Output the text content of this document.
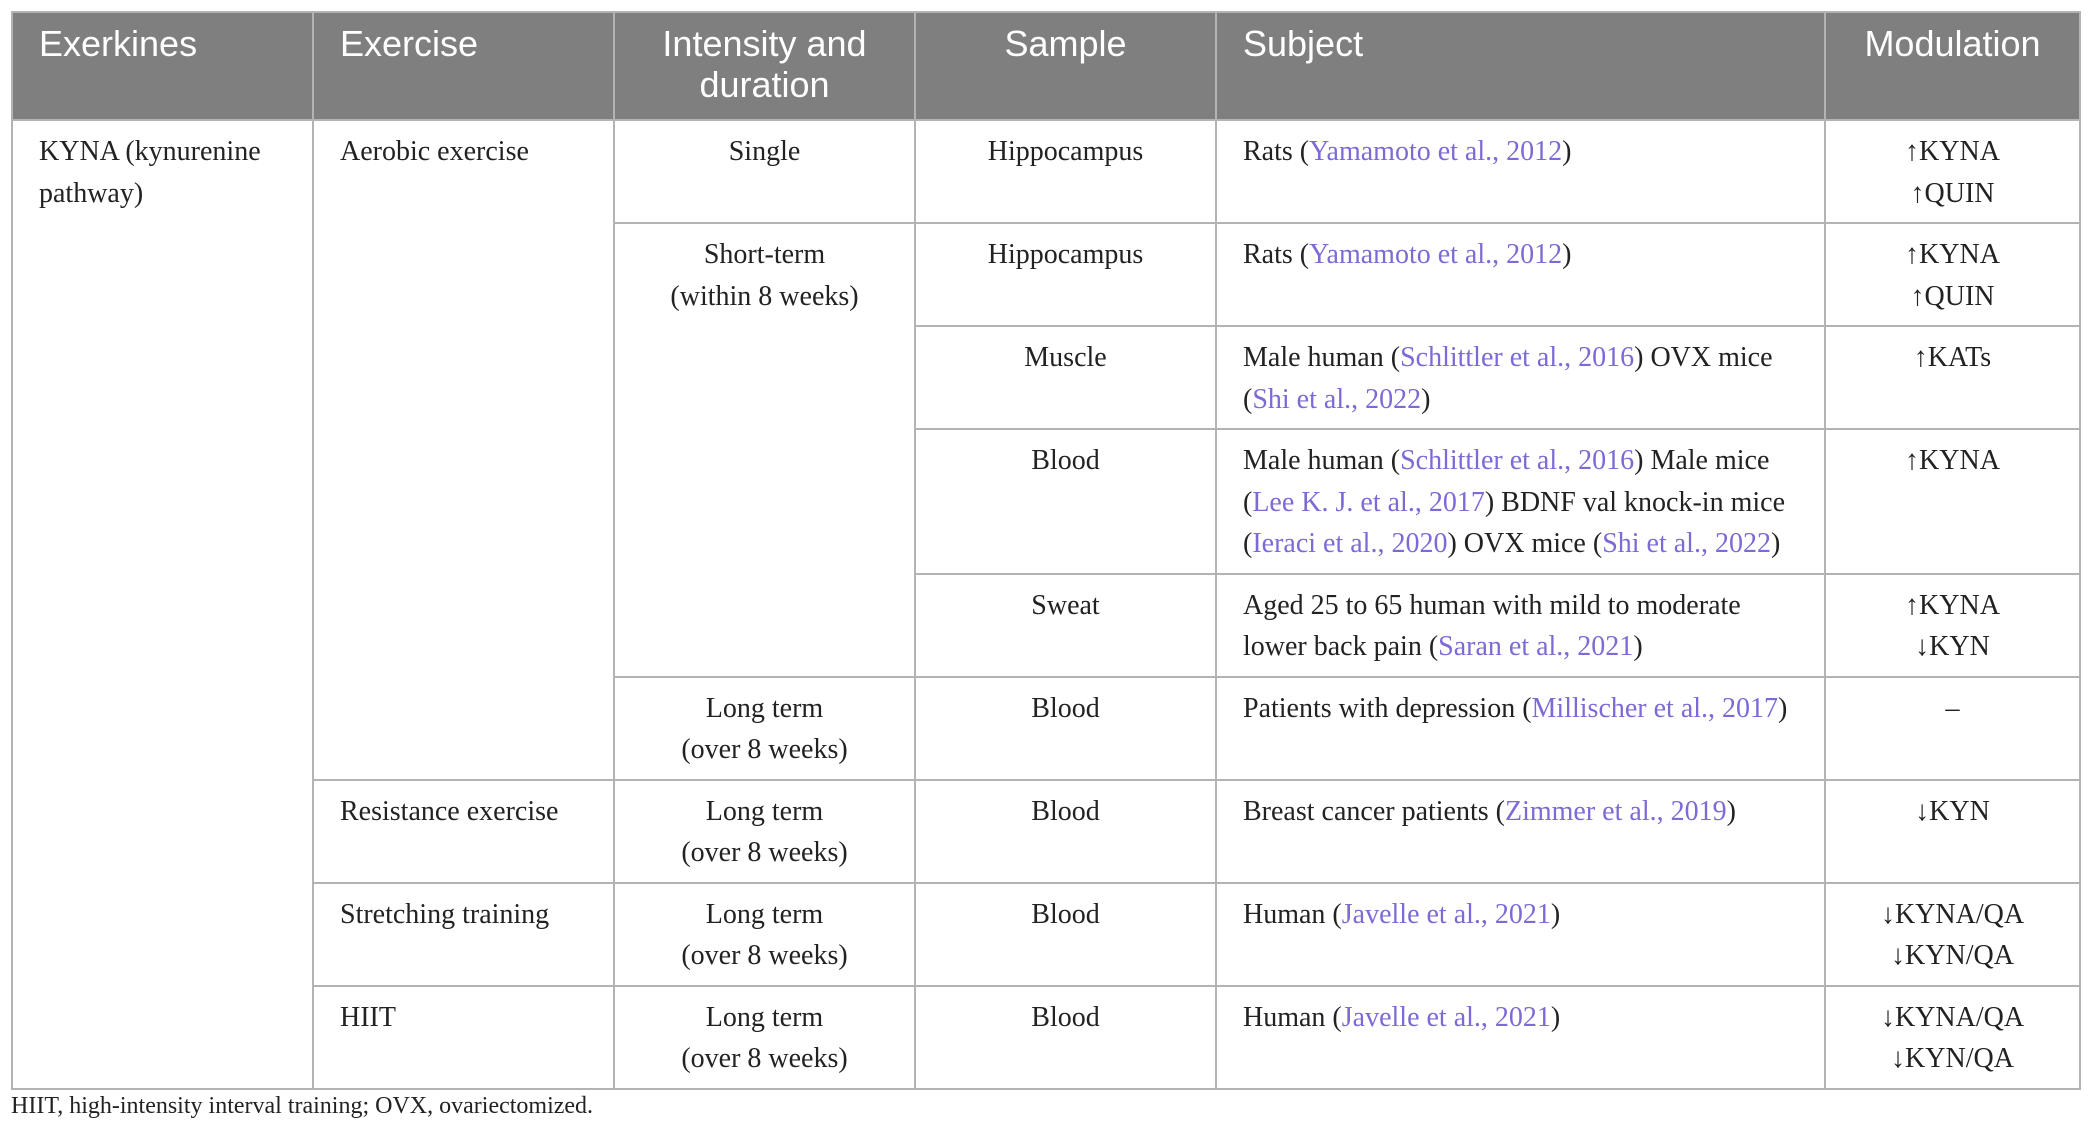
Exerkines	Exercise	Intensity and duration	Sample	Subject	Modulation
KYNA (kynurenine pathway)	Aerobic exercise	Single	Hippocampus	Rats (Yamamoto et al., 2012)	↑KYNA
↑QUIN

		Short-term
(within 8 weeks)	Hippocampus	Rats (Yamamoto et al., 2012)	↑KYNA
↑QUIN

			Muscle	Male human (Schlittler et al., 2016) OVX mice (Shi et al., 2022)	↑KATs

			Blood	Male human (Schlittler et al., 2016) Male mice (Lee K. J. et al., 2017) BDNF val knock-in mice (Ieraci et al., 2020) OVX mice (Shi et al., 2022)	↑KYNA

			Sweat	Aged 25 to 65 human with mild to moderate lower back pain (Saran et al., 2021)	↑KYNA
↓KYN

		Long term
(over 8 weeks)	Blood	Patients with depression (Millischer et al., 2017)	–

	Resistance exercise	Long term
(over 8 weeks)	Blood	Breast cancer patients (Zimmer et al., 2019)	↓KYN

	Stretching training	Long term
(over 8 weeks)	Blood	Human (Javelle et al., 2021)	↓KYNA/QA
↓KYN/QA

	HIIT	Long term
(over 8 weeks)	Blood	Human (Javelle et al., 2021)	↓KYNA/QA
↓KYN/QA
HIIT, high-intensity interval training; OVX, ovariectomized.
